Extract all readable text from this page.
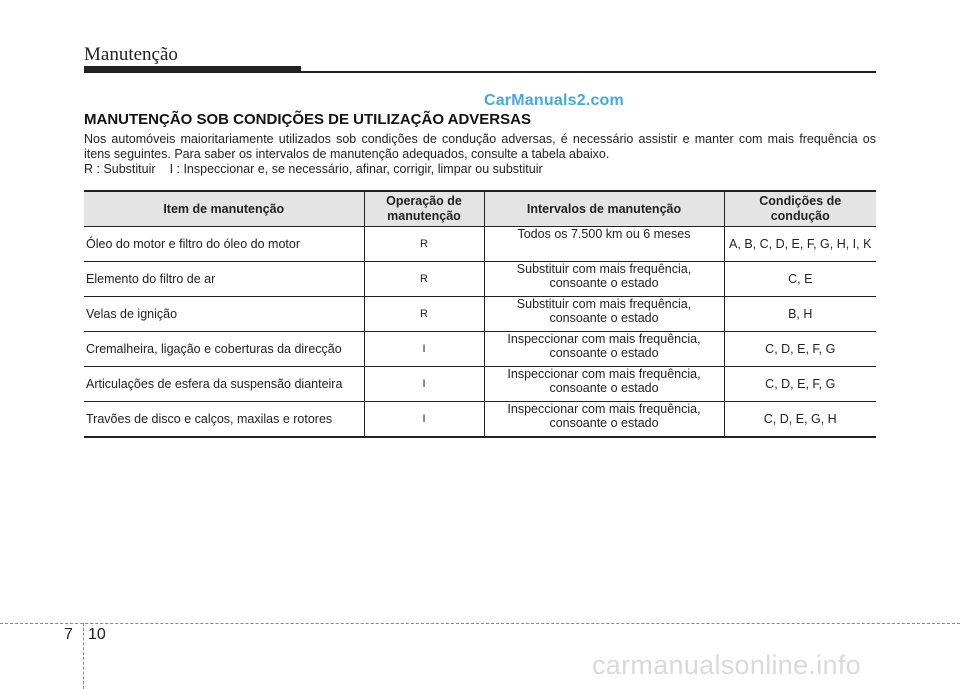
Manutenção
CarManuals2.com
MANUTENÇÃO SOB CONDIÇÕES DE UTILIZAÇÃO ADVERSAS

Nos automóveis maioritariamente utilizados sob condições de condução adversas, é necessário assistir e manter com mais frequência os itens seguintes. Para saber os intervalos de manutenção adequados, consulte a tabela abaixo.

R : Substituir I : Inspeccionar e, se necessário, afinar, corrigir, limpar ou substituir
Item de manutenção	Operação de manutenção	Intervalos de manutenção	Condições de condução
Óleo do motor e filtro do óleo do motor	R	Todos os 7.500 km ou 6 meses	A, B, C, D, E, F, G, H, I, K
Elemento do filtro de ar	R	Substituir com mais frequência, consoante o estado	C, E
Velas de ignição	R	Substituir com mais frequência, consoante o estado	B, H
Cremalheira, ligação e coberturas da direcção	I	Inspeccionar com mais frequência, consoante o estado	C, D, E, F, G
Articulações de esfera da suspensão dianteira	I	Inspeccionar com mais frequência, consoante o estado	C, D, E, F, G
Travões de disco e calços, maxilas e rotores	I	Inspeccionar com mais frequência, consoante o estado	C, D, E, G, H
7 10
carmanualsonline.info
